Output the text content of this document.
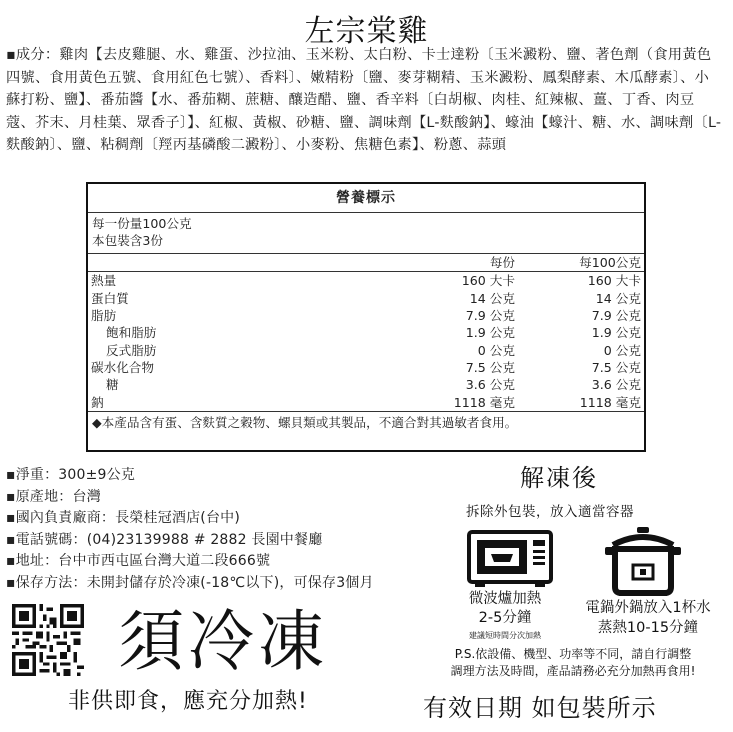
左宗棠雞
▪成分：雞肉【去皮雞腿、水、雞蛋、沙拉油、玉米粉、太白粉、卡士達粉〔玉米澱粉、鹽、著色劑（食用黃色四號、食用黃色五號、食用紅色七號）、香料〕、嫩精粉〔鹽、麥芽糊精、玉米澱粉、鳳梨酵素、木瓜酵素〕、小蘇打粉、鹽】、番茄醬【水、番茄糊、蔗糖、釀造醋、鹽、香辛料〔白胡椒、肉桂、紅辣椒、薑、丁香、肉豆蔻、芥末、月桂葉、眾香子〕】、紅椒、黃椒、砂糖、鹽、調味劑【L-麩酸鈉】、蠔油【蠔汁、糖、水、調味劑〔L-麩酸鈉〕、鹽、粘稠劑〔羥丙基磷酸二澱粉〕、小麥粉、焦糖色素】、粉蔥、蒜頭
營養標示
每一份量100公克
本包裝含3份
	每份	每100公克
熱量	160 大卡	160 大卡
蛋白質	14 公克	14 公克
脂肪	7.9 公克	7.9 公克
飽和脂肪	1.9 公克	1.9 公克
反式脂肪	0 公克	0 公克
碳水化合物	7.5 公克	7.5 公克
糖	3.6 公克	3.6 公克
鈉	1118 毫克	1118 毫克
◆本產品含有蛋、含麩質之穀物、螺貝類或其製品，不適合對其過敏者食用。
▪淨重：300±9公克
▪原產地：台灣
▪國內負責廠商：長榮桂冠酒店(台中)
▪電話號碼：(04)23139988 # 2882 長園中餐廳
▪地址：台中市西屯區台灣大道二段666號
▪保存方法：未開封儲存於冷凍(-18℃以下)，可保存3個月
解凍後
拆除外包裝，放入適當容器
微波爐加熱
2-5分鐘
建議短時間分次加熱
電鍋外鍋放入1杯水
蒸熱10-15分鐘
P.S.依設備、機型、功率等不同，請自行調整
調理方法及時間，產品請務必充分加熱再食用!
須冷凍
非供即食，應充分加熱!	有效日期 如包裝所示
